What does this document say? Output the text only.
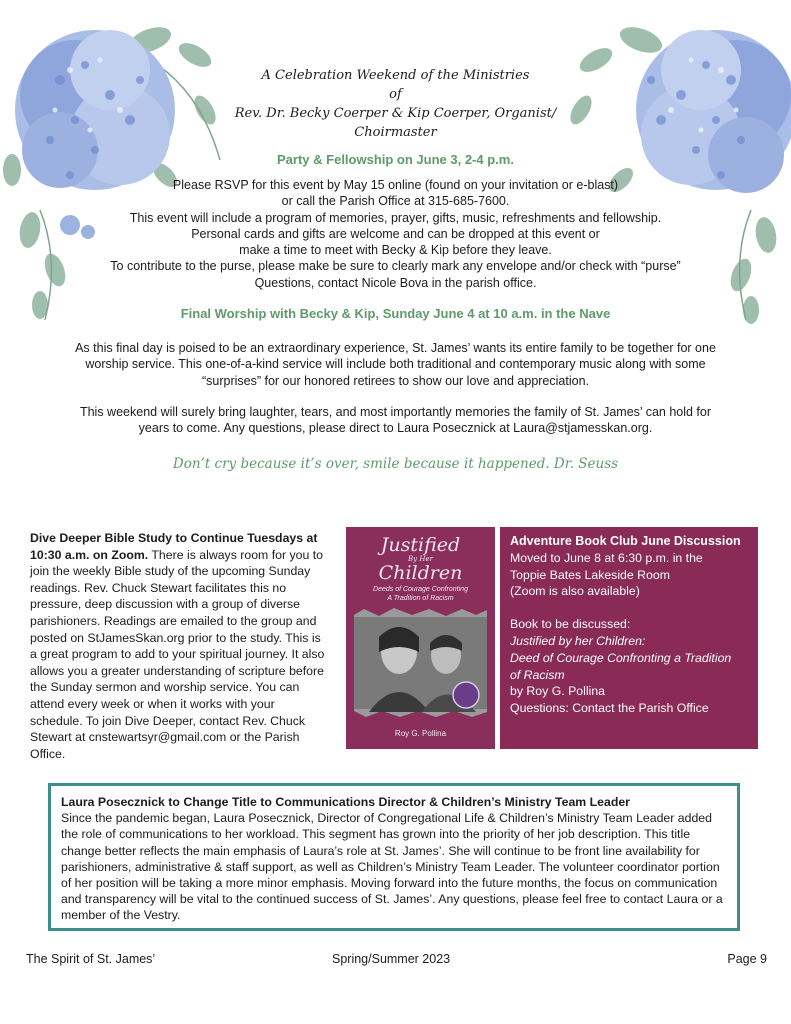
A Celebration Weekend of the Ministries
of
Rev. Dr. Becky Coerper & Kip Coerper, Organist/
Choirmaster
Party & Fellowship on June 3, 2-4 p.m.
Please RSVP for this event by May 15 online (found on your invitation or e-blast)
or call the Parish Office at 315-685-7600.
This event will include a program of memories, prayer, gifts, music, refreshments and fellowship.
Personal cards and gifts are welcome and can be dropped at this event or
make a time to meet with Becky & Kip before they leave.
To contribute to the purse, please make be sure to clearly mark any envelope and/or check with “purse”
Questions, contact Nicole Bova in the parish office.
Final Worship with Becky & Kip, Sunday June 4 at 10 a.m. in the Nave
As this final day is poised to be an extraordinary experience, St. James’ wants its entire family to be together for one
worship service. This one-of-a-kind service will include both traditional and contemporary music along with some
“surprises” for our honored retirees to show our love and appreciation.
This weekend will surely bring laughter, tears, and most importantly memories the family of St. James’ can hold for
years to come. Any questions, please direct to Laura Posecznick at Laura@stjamesskan.org.
Don’t cry because it’s over, smile because it happened. Dr. Seuss
Dive Deeper Bible Study to Continue Tuesdays at 10:30 a.m. on Zoom. There is always room for you to join the weekly Bible study of the upcoming Sunday readings. Rev. Chuck Stewart facilitates this no pressure, deep discussion with a group of diverse parishioners. Readings are emailed to the group and posted on StJamesSkan.org prior to the study. This is a great program to add to your spiritual journey. It also allows you a greater understanding of scripture before the Sunday sermon and worship service. You can attend every week or when it works with your schedule. To join Dive Deeper, contact Rev. Chuck Stewart at cnstewartsyr@gmail.com or the Parish Office.
Justified
By Her
Children
Deeds of Courage Confronting
A Tradition of Racism
Roy G. Pollina
Adventure Book Club June Discussion
Moved to June 8 at 6:30 p.m. in the
Toppie Bates Lakeside Room
(Zoom is also available)
Book to be discussed:
Justified by her Children:
Deed of Courage Confronting a Tradition
of Racism
by Roy G. Pollina
Questions: Contact the Parish Office
Laura Posecznick to Change Title to Communications Director & Children’s Ministry Team Leader
Since the pandemic began, Laura Posecznick, Director of Congregational Life & Children’s Ministry Team Leader added the role of communications to her workload. This segment has grown into the priority of her job description. This title change better reflects the main emphasis of Laura’s role at St. James’. She will continue to be front line availability for parishioners, administrative & staff support, as well as Children’s Ministry Team Leader. The volunteer coordinator portion of her position will be taking a more minor emphasis. Moving forward into the future months, the focus on communication and transparency will be vital to the continued success of St. James’. Any questions, please feel free to contact Laura or a member of the Vestry.
The Spirit of St. James’	Spring/Summer 2023	Page 9
